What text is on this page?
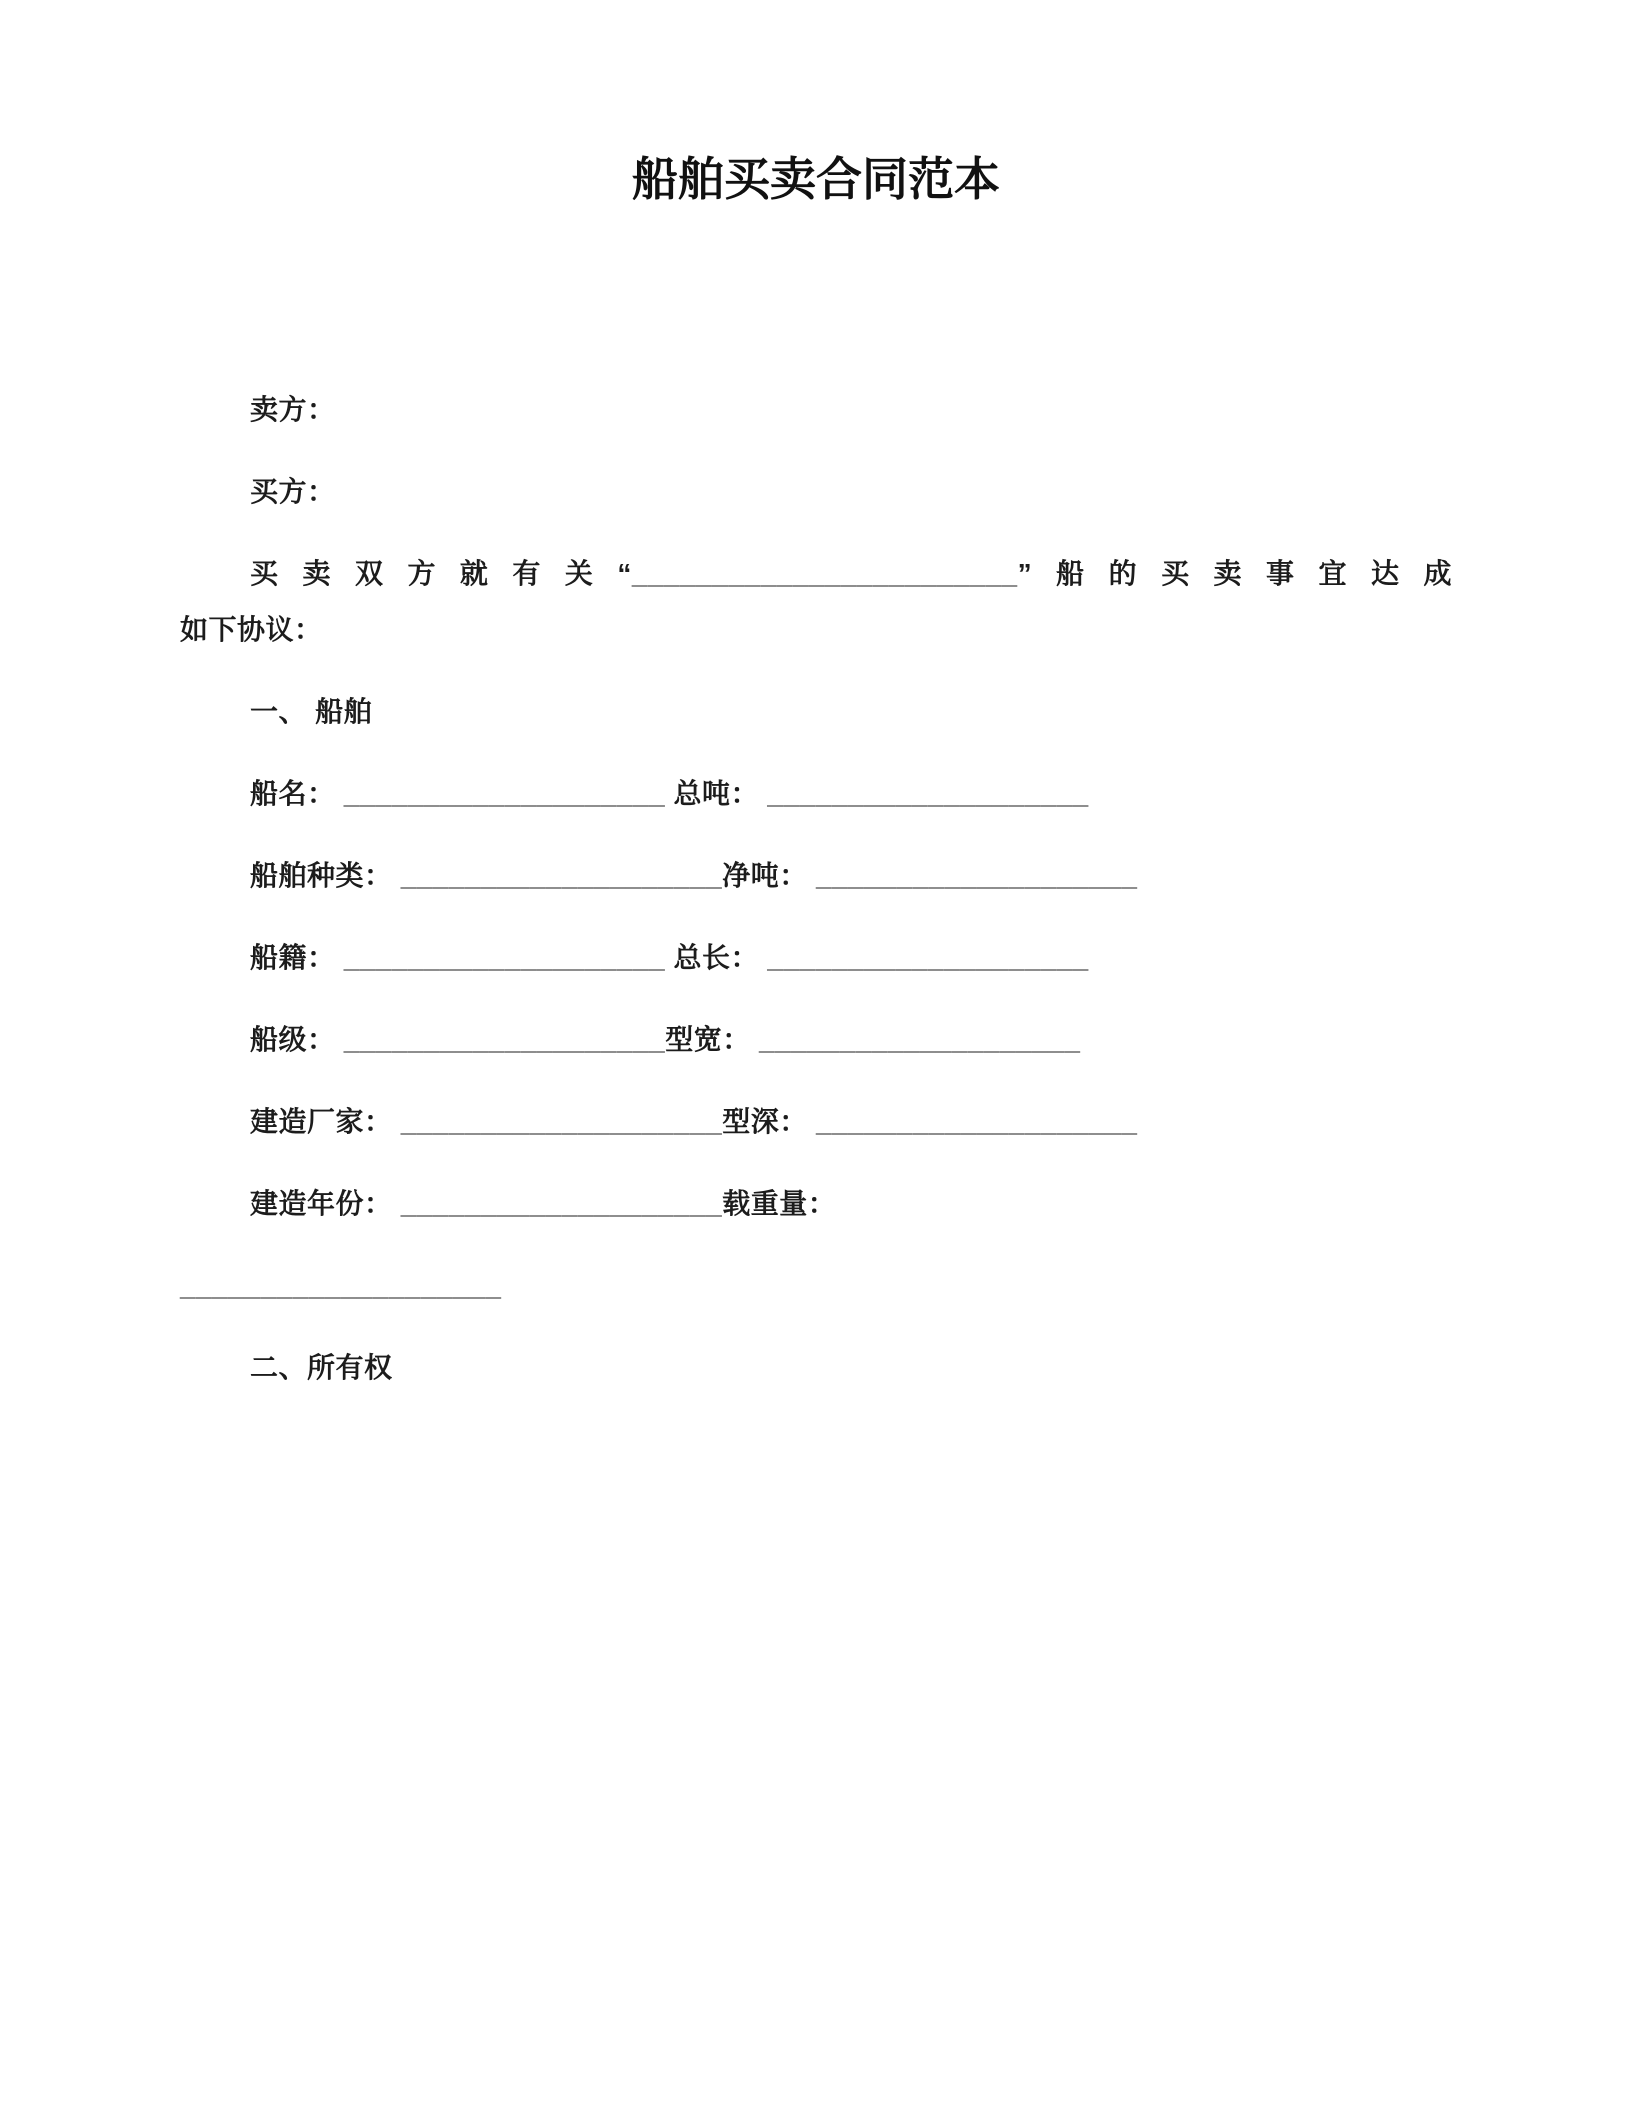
船舶买卖合同范本

卖方：

买方：

买卖双方就有关“________________________”船的买卖事宜达成

如下协议：

一、 船舶

船名： ____________________ 总吨： ____________________

船舶种类： ____________________净吨： ____________________

船籍： ____________________ 总长： ____________________

船级： ____________________型宽： ____________________

建造厂家： ____________________型深： ____________________

建造年份： ____________________载重量：

____________________

二、所有权
